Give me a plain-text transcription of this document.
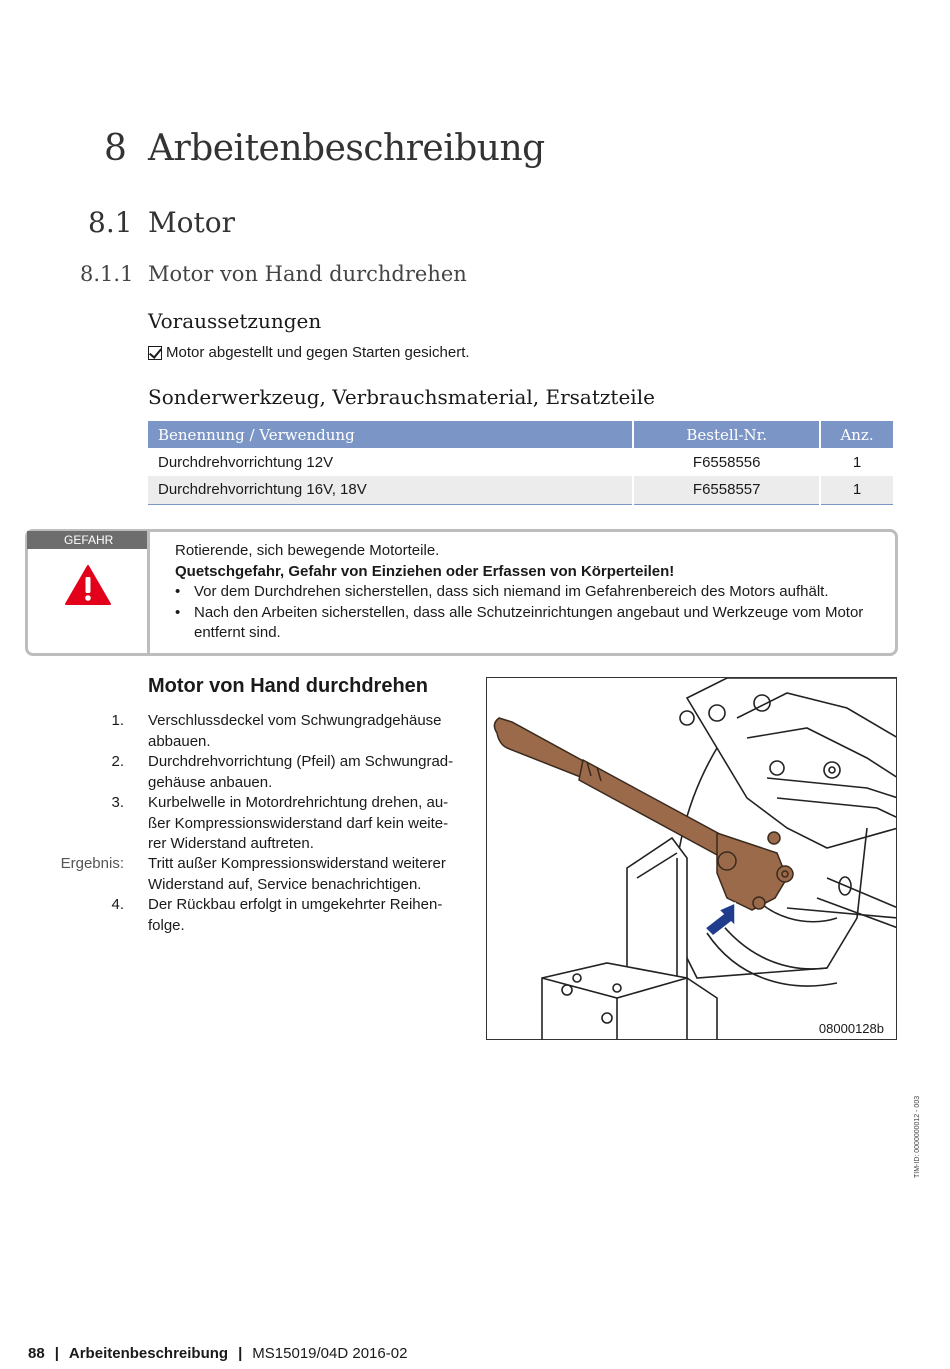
8 Arbeitenbeschreibung
8.1 Motor
8.1.1 Motor von Hand durchdrehen
Voraussetzungen
Motor abgestellt und gegen Starten gesichert.
Sonderwerkzeug, Verbrauchsmaterial, Ersatzteile
Benennung / Verwendung	Bestell-Nr.	Anz.
Durchdrehvorrichtung 12V	F6558556	1
Durchdrehvorrichtung 16V, 18V	F6558557	1
GEFAHR
Rotierende, sich bewegende Motorteile.
Quetschgefahr, Gefahr von Einziehen oder Erfassen von Körperteilen!
• Vor dem Durchdrehen sicherstellen, dass sich niemand im Gefahrenbereich des Motors aufhält.
• Nach den Arbeiten sicherstellen, dass alle Schutzeinrichtungen angebaut und Werkzeuge vom Motor entfernt sind.
Motor von Hand durchdrehen
1. Verschlussdeckel vom Schwungradgehäuse
abbauen.
2. Durchdrehvorrichtung (Pfeil) am Schwungrad-
gehäuse anbauen.
3. Kurbelwelle in Motordrehrichtung drehen, au-
ßer Kompressionswiderstand darf kein weite-
rer Widerstand auftreten.
Ergebnis: Tritt außer Kompressionswiderstand weiterer
Widerstand auf, Service benachrichtigen.
4. Der Rückbau erfolgt in umgekehrter Reihen-
folge.
08000128b
TIM-ID: 0000000012 - 003
88 | Arbeitenbeschreibung | MS15019/04D 2016-02
